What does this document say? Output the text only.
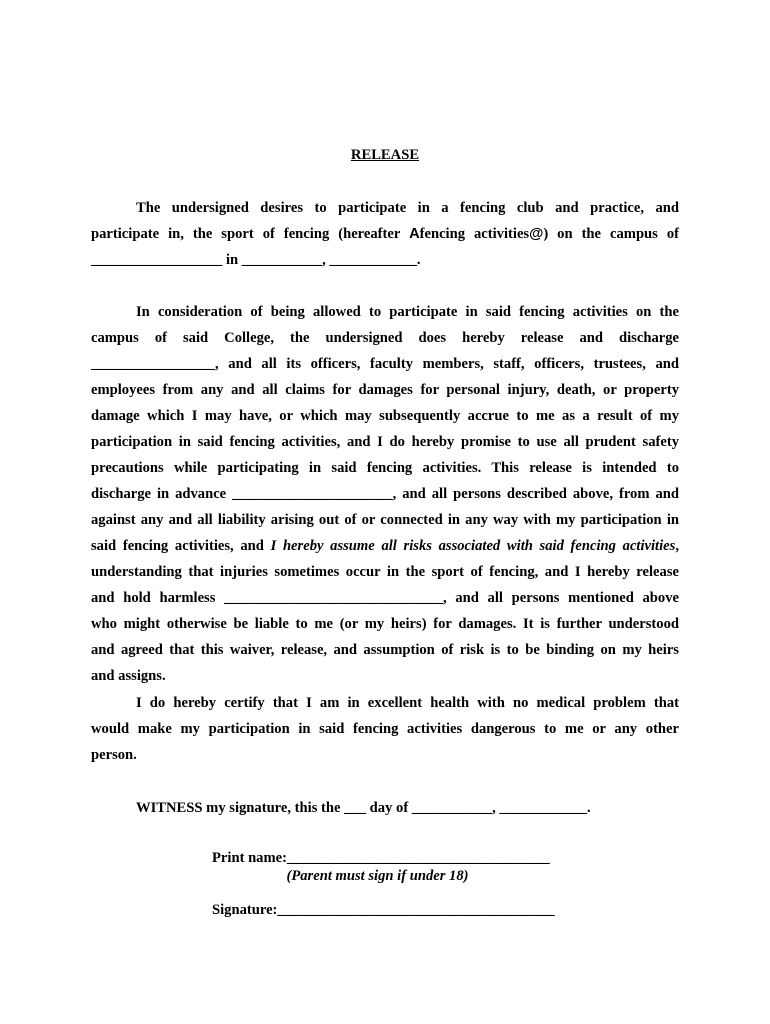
RELEASE
The undersigned desires to participate in a fencing club and practice, and
participate in, the sport of fencing (hereafter Afencing activities@) on the campus of
__________________ in ___________, ____________.
In consideration of being allowed to participate in said fencing activities on the
campus of said College, the undersigned does hereby release and discharge
_________________, and all its officers, faculty members, staff, officers, trustees, and
employees from any and all claims for damages for personal injury, death, or property
damage which I may have, or which may subsequently accrue to me as a result of my
participation in said fencing activities, and I do hereby promise to use all prudent safety
precautions while participating in said fencing activities. This release is intended to
discharge in advance ______________________, and all persons described above, from and
against any and all liability arising out of or connected in any way with my participation in
said fencing activities, and I hereby assume all risks associated with said fencing activities,
understanding that injuries sometimes occur in the sport of fencing, and I hereby release
and hold harmless ______________________________, and all persons mentioned above
who might otherwise be liable to me (or my heirs) for damages. It is further understood
and agreed that this waiver, release, and assumption of risk is to be binding on my heirs
and assigns.
I do hereby certify that I am in excellent health with no medical problem that
would make my participation in said fencing activities dangerous to me or any other
person.
WITNESS my signature, this the ___ day of ___________, ____________.
Print name:____________________________________
(Parent must sign if under 18)
Signature:______________________________________
